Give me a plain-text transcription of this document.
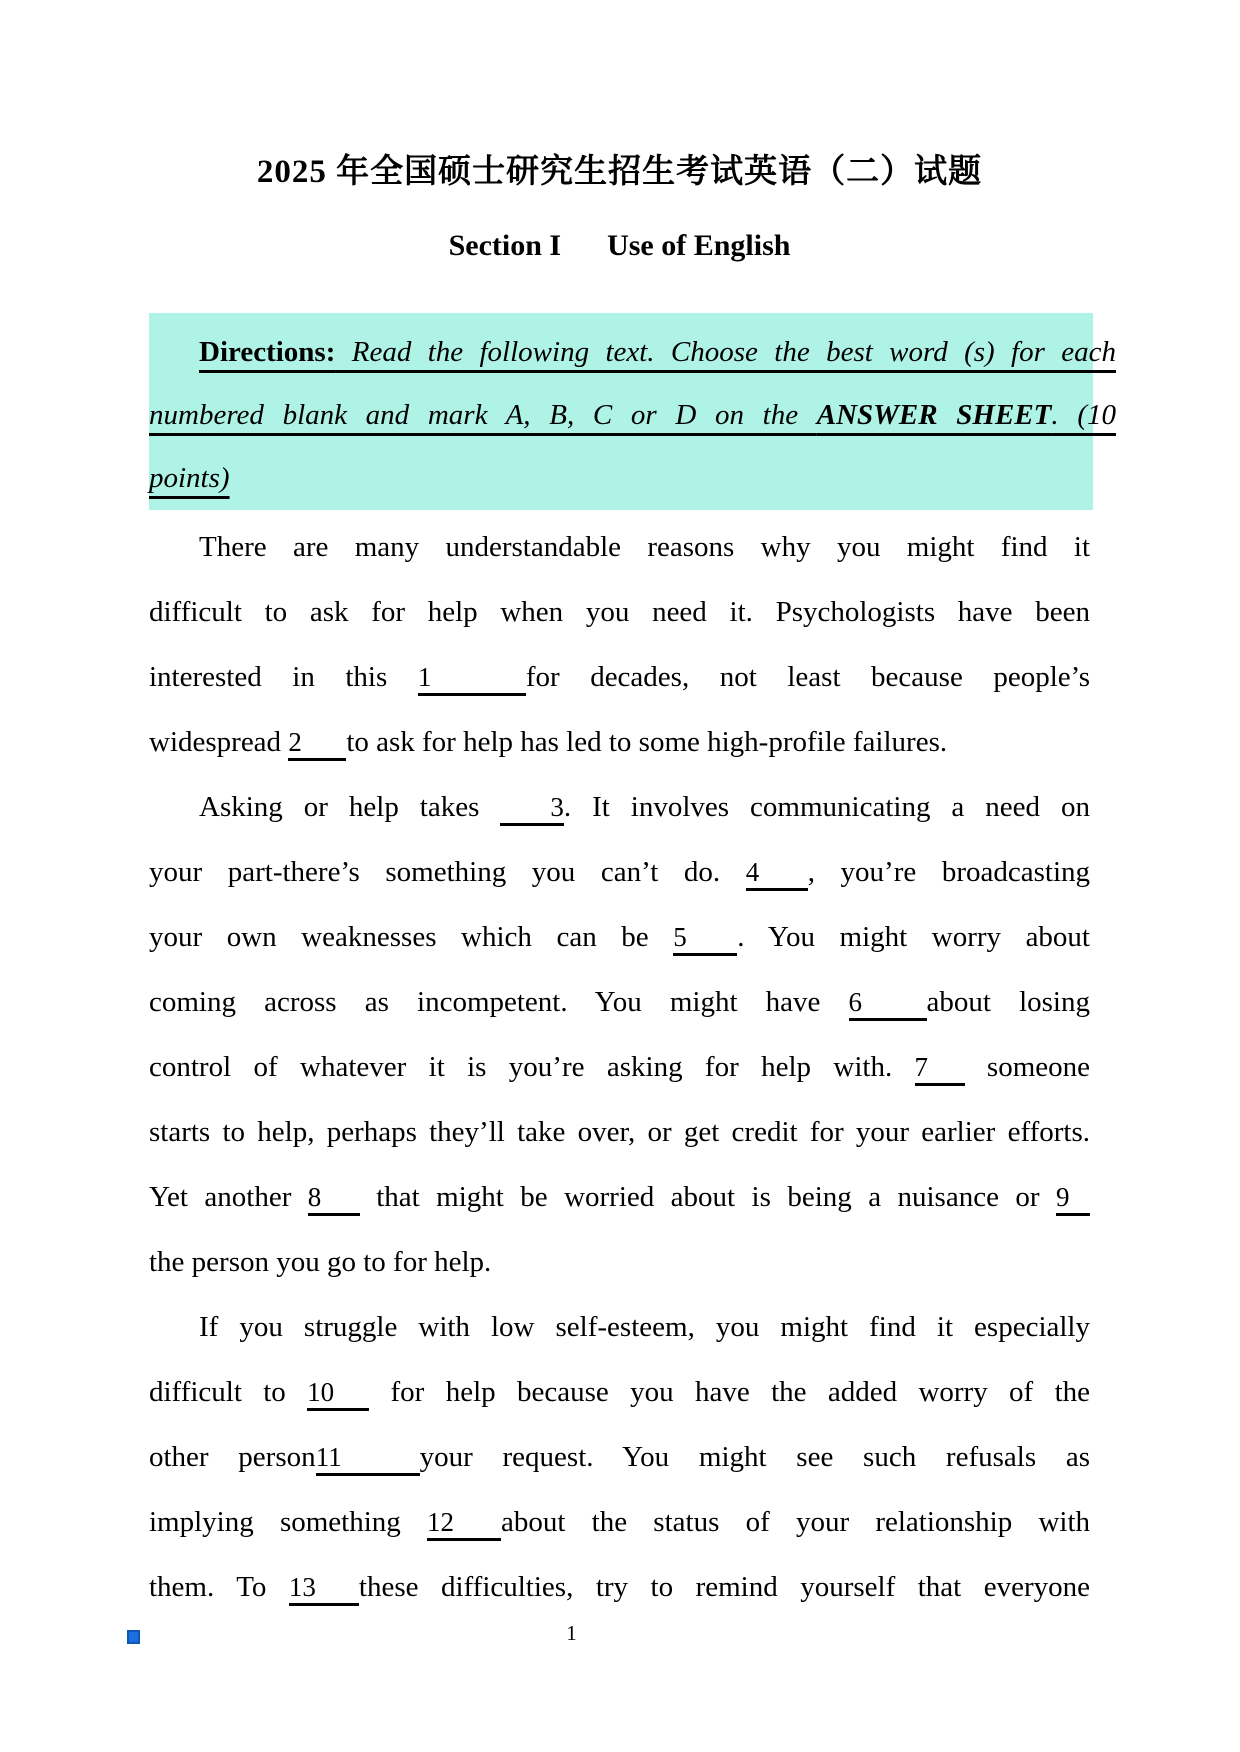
2025 年全国硕士研究生招生考试英语（二）试题
Section I Use of English
Directions: Read the following text. Choose the best word (s) for each
numbered blank and mark A, B, C or D on the ANSWER SHEET. (10
points)
There are many understandable reasons why you might find it
difficult to ask for help when you need it. Psychologists have been
interested in this 1	for decades, not least because people’s
widespread 2 to ask for help has led to some high-profile failures.
Asking or help takes 3. It involves communicating a need on
your part-there’s something you can’t do. 4 , you’re broadcasting
your own weaknesses which can be 5 . You might worry about
coming across as incompetent. You might have 6 about losing
control of whatever it is you’re asking for help with. 7 someone
starts to help, perhaps they’ll take over, or get credit for your earlier efforts.
Yet another 8 that might be worried about is being a nuisance or 9
the person you go to for help.
If you struggle with low self-esteem, you might find it especially
difficult to 10 for help because you have the added worry of the
other person11	your request. You might see such refusals as
implying something 12 about the status of your relationship with
them. To 13 these difficulties, try to remind yourself that everyone
1
